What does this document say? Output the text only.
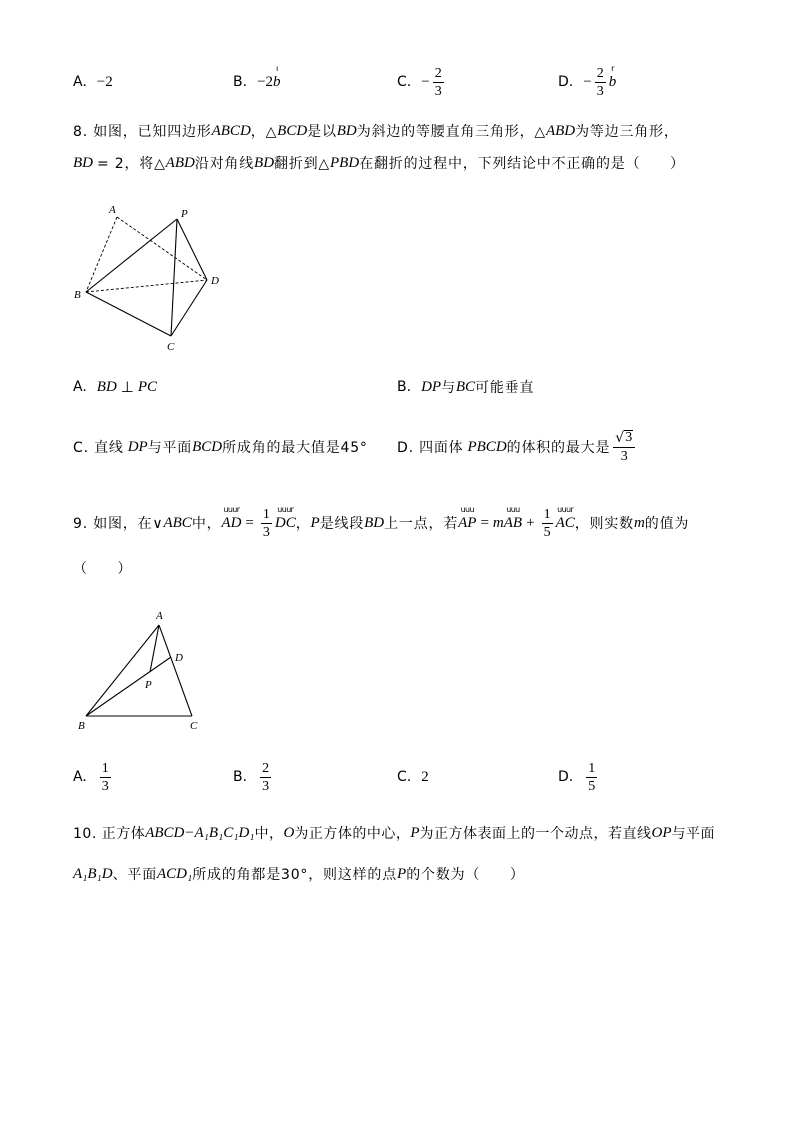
A. −2	B. −2
ı
b	C. − $\frac{2}{3}$	D. − $\frac{2}{3}$ r
b
8. 如图，已知四边形 ABCD ，△ BCD 是以 BD 为斜边的等腰直角三角形，△ ABD 为等边三角形，
BD = 2，将△ ABD 沿对角线 BD 翻折到△ PBD 在翻折的过程中，下列结论中不正确的是（　　）
A	P
D
B
C
A. BD ⊥ PC	B. DP 与 BC 可能垂直
C. 直线 DP 与平面 BCD 所成角的最大值是45° D. 四面体 PBCD 的体积的最大是 $\frac{√ 3}{3}$
9. 如图，在∨ ABC 中，
uuur
AD = $\frac{1}{3}$ uuur
DC ， P 是线段 BD 上一点，若
uuu
AP = m
uuu
AB + $\frac{1}{5}$ uuur
AC ，则实数 m 的值为
（　　）
A
D
P
B	C
A. $\frac{1}{3}$	B. $\frac{2}{3}$	C. 2	D. $\frac{1}{5}$
10. 正方体 ABCD−A₁B₁C₁D₁ 中， O 为正方体的中心， P 为正方体表面上的一个动点，若直线 OP 与平面
A₁B₁D 、平面 ACD₁ 所成的角都是30°，则这样的点 P 的个数为（　　）
